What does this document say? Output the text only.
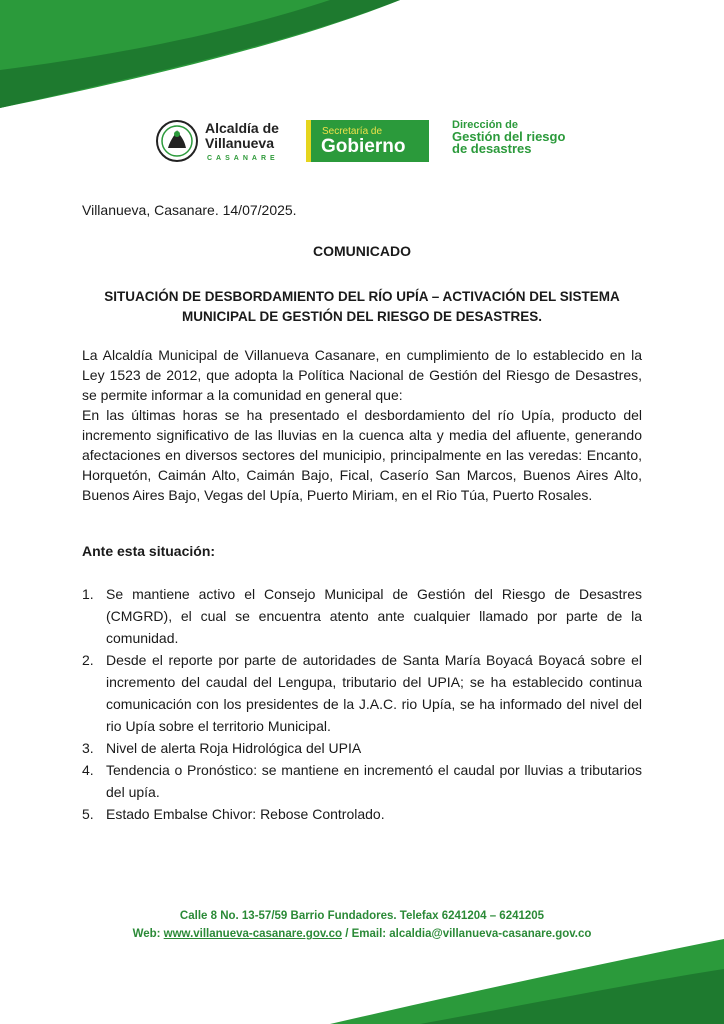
Alcaldía de
Villanueva
CASANARE
Secretaría de
Gobierno
Dirección de
Gestión del riesgo
de desastres
Villanueva, Casanare. 14/07/2025.
COMUNICADO
SITUACIÓN DE DESBORDAMIENTO DEL RÍO UPÍA – ACTIVACIÓN DEL SISTEMA
MUNICIPAL DE GESTIÓN DEL RIESGO DE DESASTRES.
La Alcaldía Municipal de Villanueva Casanare, en cumplimiento de lo establecido en la Ley 1523 de 2012, que adopta la Política Nacional de Gestión del Riesgo de Desastres, se permite informar a la comunidad en general que:
En las últimas horas se ha presentado el desbordamiento del río Upía, producto del incremento significativo de las lluvias en la cuenca alta y media del afluente, generando afectaciones en diversos sectores del municipio, principalmente en las veredas: Encanto, Horquetón, Caimán Alto, Caimán Bajo, Fical, Caserío San Marcos, Buenos Aires Alto, Buenos Aires Bajo, Vegas del Upía, Puerto Miriam, en el Rio Túa, Puerto Rosales.
Ante esta situación:
1. Se mantiene activo el Consejo Municipal de Gestión del Riesgo de Desastres (CMGRD), el cual se encuentra atento ante cualquier llamado por parte de la comunidad.
2. Desde el reporte por parte de autoridades de Santa María Boyacá Boyacá sobre el incremento del caudal del Lengupa, tributario del UPIA; se ha establecido continua comunicación con los presidentes de la J.A.C. rio Upía, se ha informado del nivel del rio Upía sobre el territorio Municipal.
3. Nivel de alerta Roja Hidrológica del UPIA
4. Tendencia o Pronóstico: se mantiene en incrementó el caudal por lluvias a tributarios del upía.
5. Estado Embalse Chivor: Rebose Controlado.
Calle 8 No. 13-57/59 Barrio Fundadores. Telefax 6241204 – 6241205
Web: www.villanueva-casanare.gov.co / Email: alcaldia@villanueva-casanare.gov.co
